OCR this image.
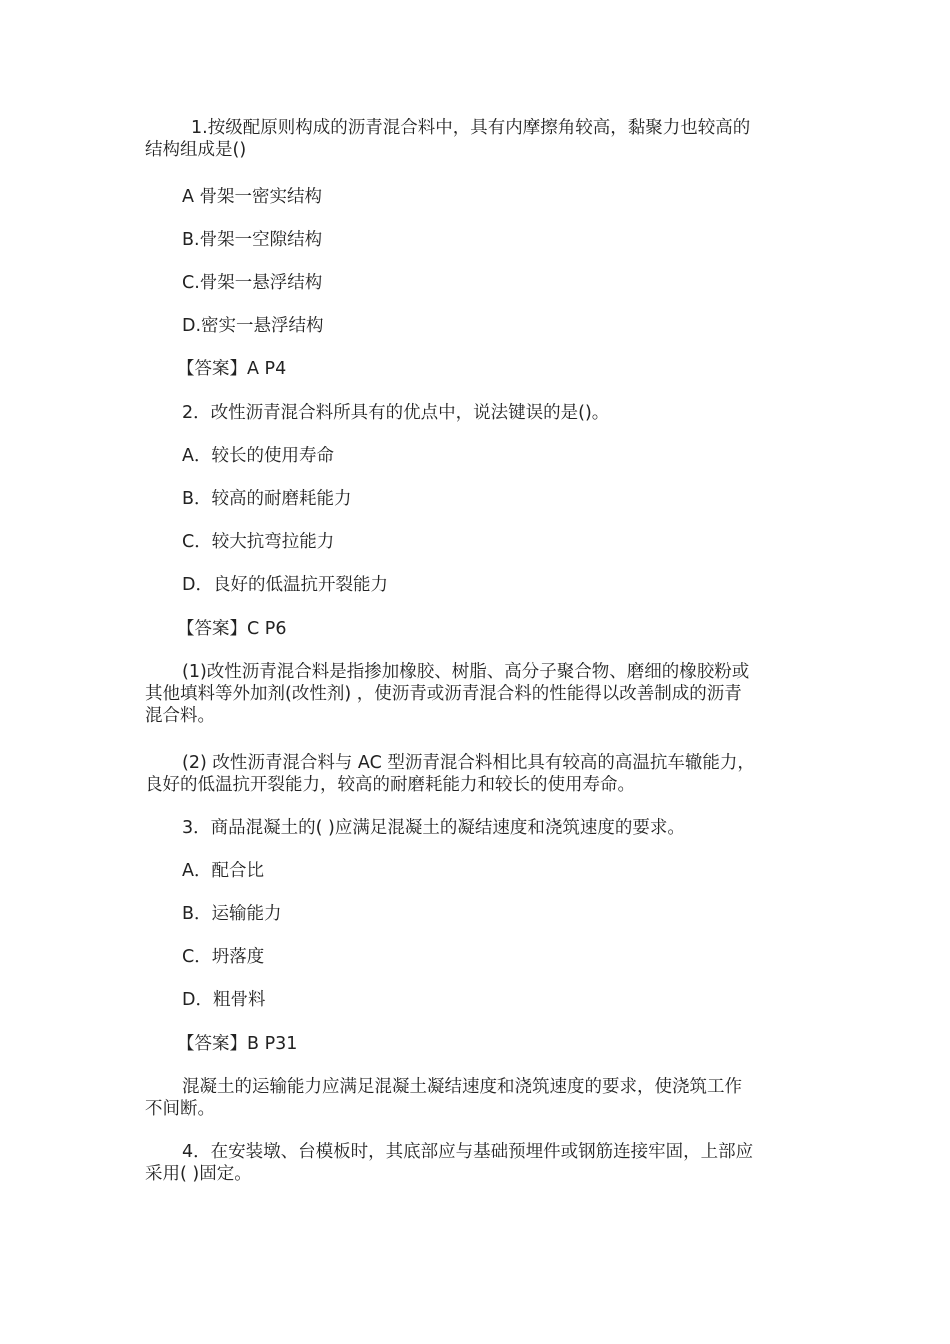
1.按级配原则构成的沥青混合料中，具有内摩擦角较高，黏聚力也较高的
结构组成是()
A 骨架一密实结构
B.骨架一空隙结构
C.骨架一悬浮结构
D.密实一悬浮结构
【答案】A P4
2．改性沥青混合料所具有的优点中，说法键误的是()。
A．较长的使用寿命
B．较高的耐磨耗能力
C．较大抗弯拉能力
D．良好的低温抗开裂能力
【答案】C P6
(1)改性沥青混合料是指掺加橡胶、树脂、高分子聚合物、磨细的橡胶粉或
其他填料等外加剂(改性剂) ，使沥青或沥青混合料的性能得以改善制成的沥青
混合料。
(2) 改性沥青混合料与 AC 型沥青混合料相比具有较高的高温抗车辙能力，
良好的低温抗开裂能力，较高的耐磨耗能力和较长的使用寿命。
3．商品混凝土的( )应满足混凝土的凝结速度和浇筑速度的要求。
A．配合比
B．运输能力
C．坍落度
D．粗骨料
【答案】B P31
混凝土的运输能力应满足混凝土凝结速度和浇筑速度的要求，使浇筑工作
不间断。
4．在安装墩、台模板时，其底部应与基础预埋件或钢筋连接牢固，上部应
采用( )固定。
